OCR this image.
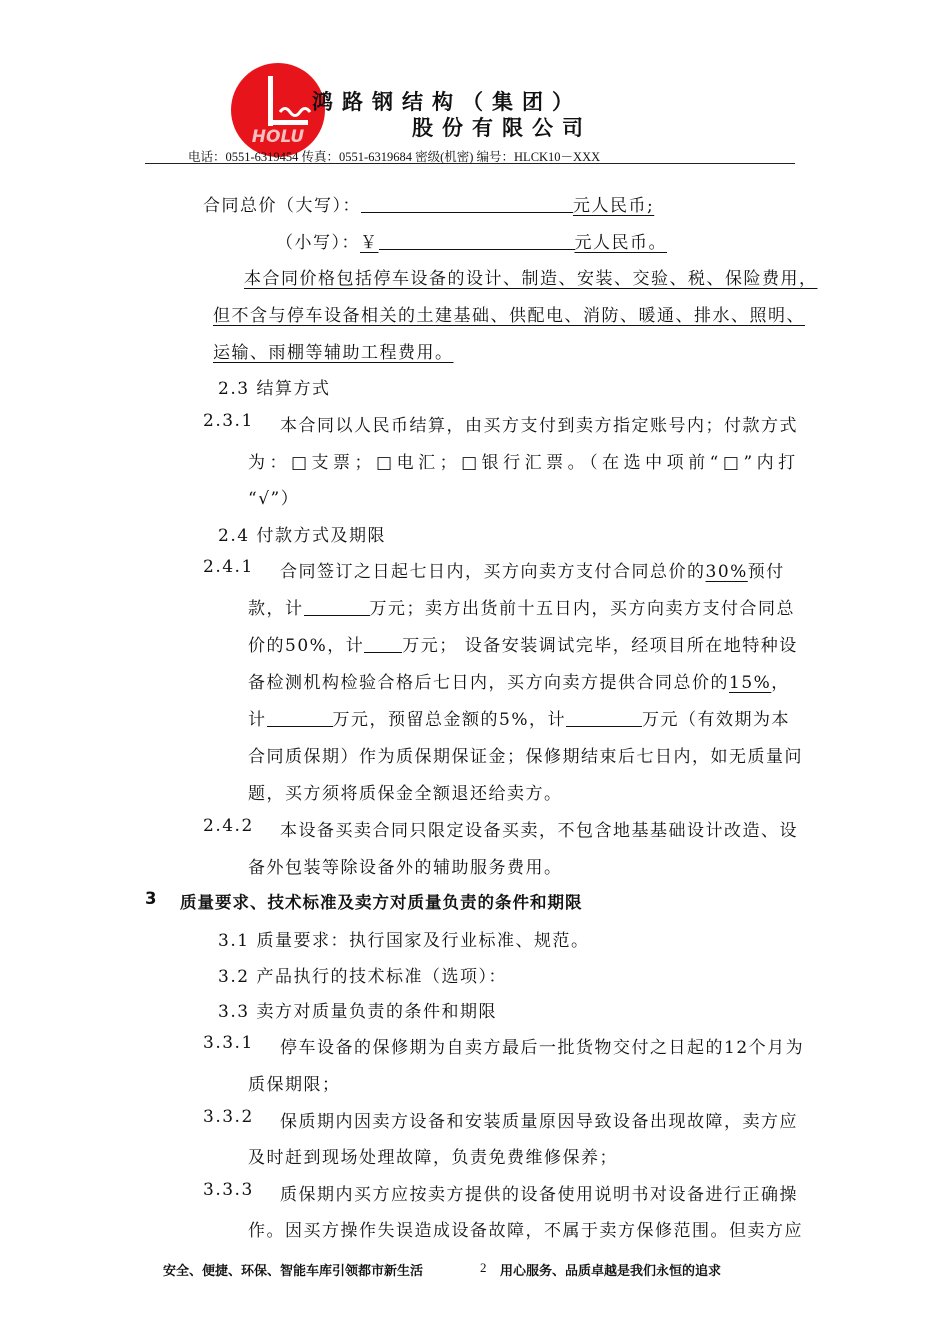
HOLU
鸿路钢结构（集团）
股份有限公司
电话：0551-6319454 传真：0551-6319684 密级(机密) 编号：HLCK10－XXX
合同总价（大写）：	元人民币;
（小写）：￥	元人民币。
本合同价格包括停车设备的设计、制造、安装、交验、税、保险费用，
但不含与停车设备相关的土建基础、供配电、消防、暖通、排水、照明、
运输、雨棚等辅助工程费用。
2.3 结算方式
2.3.1 本合同以人民币结算，由买方支付到卖方指定账号内；付款方式
为：□支票；□电汇；□银行汇票。（在选中项前“□”内打
“√”）
2.4 付款方式及期限
2.4.1 合同签订之日起七日内，买方向卖方支付合同总价的30%预付
款，计	万元；卖方出货前十五日内，买方向卖方支付合同总
价的50%，计 万元； 设备安装调试完毕，经项目所在地特种设
备检测机构检验合格后七日内，买方向卖方提供合同总价的15%，
计	万元，预留总金额的5%，计	万元（有效期为本
合同质保期）作为质保期保证金；保修期结束后七日内，如无质量问
题，买方须将质保金全额退还给卖方。
2.4.2 本设备买卖合同只限定设备买卖，不包含地基基础设计改造、设
备外包装等除设备外的辅助服务费用。
3 质量要求、技术标准及卖方对质量负责的条件和期限
3.1 质量要求：执行国家及行业标准、规范。
3.2 产品执行的技术标准（选项）：
3.3 卖方对质量负责的条件和期限
3.3.1 停车设备的保修期为自卖方最后一批货物交付之日起的12个月为
质保期限；
3.3.2 保质期内因卖方设备和安装质量原因导致设备出现故障，卖方应
及时赶到现场处理故障，负责免费维修保养；
3.3.3 质保期内买方应按卖方提供的设备使用说明书对设备进行正确操
作。因买方操作失误造成设备故障，不属于卖方保修范围。但卖方应
安全、便捷、环保、智能车库引领都市新生活	2 用心服务、品质卓越是我们永恒的追求
